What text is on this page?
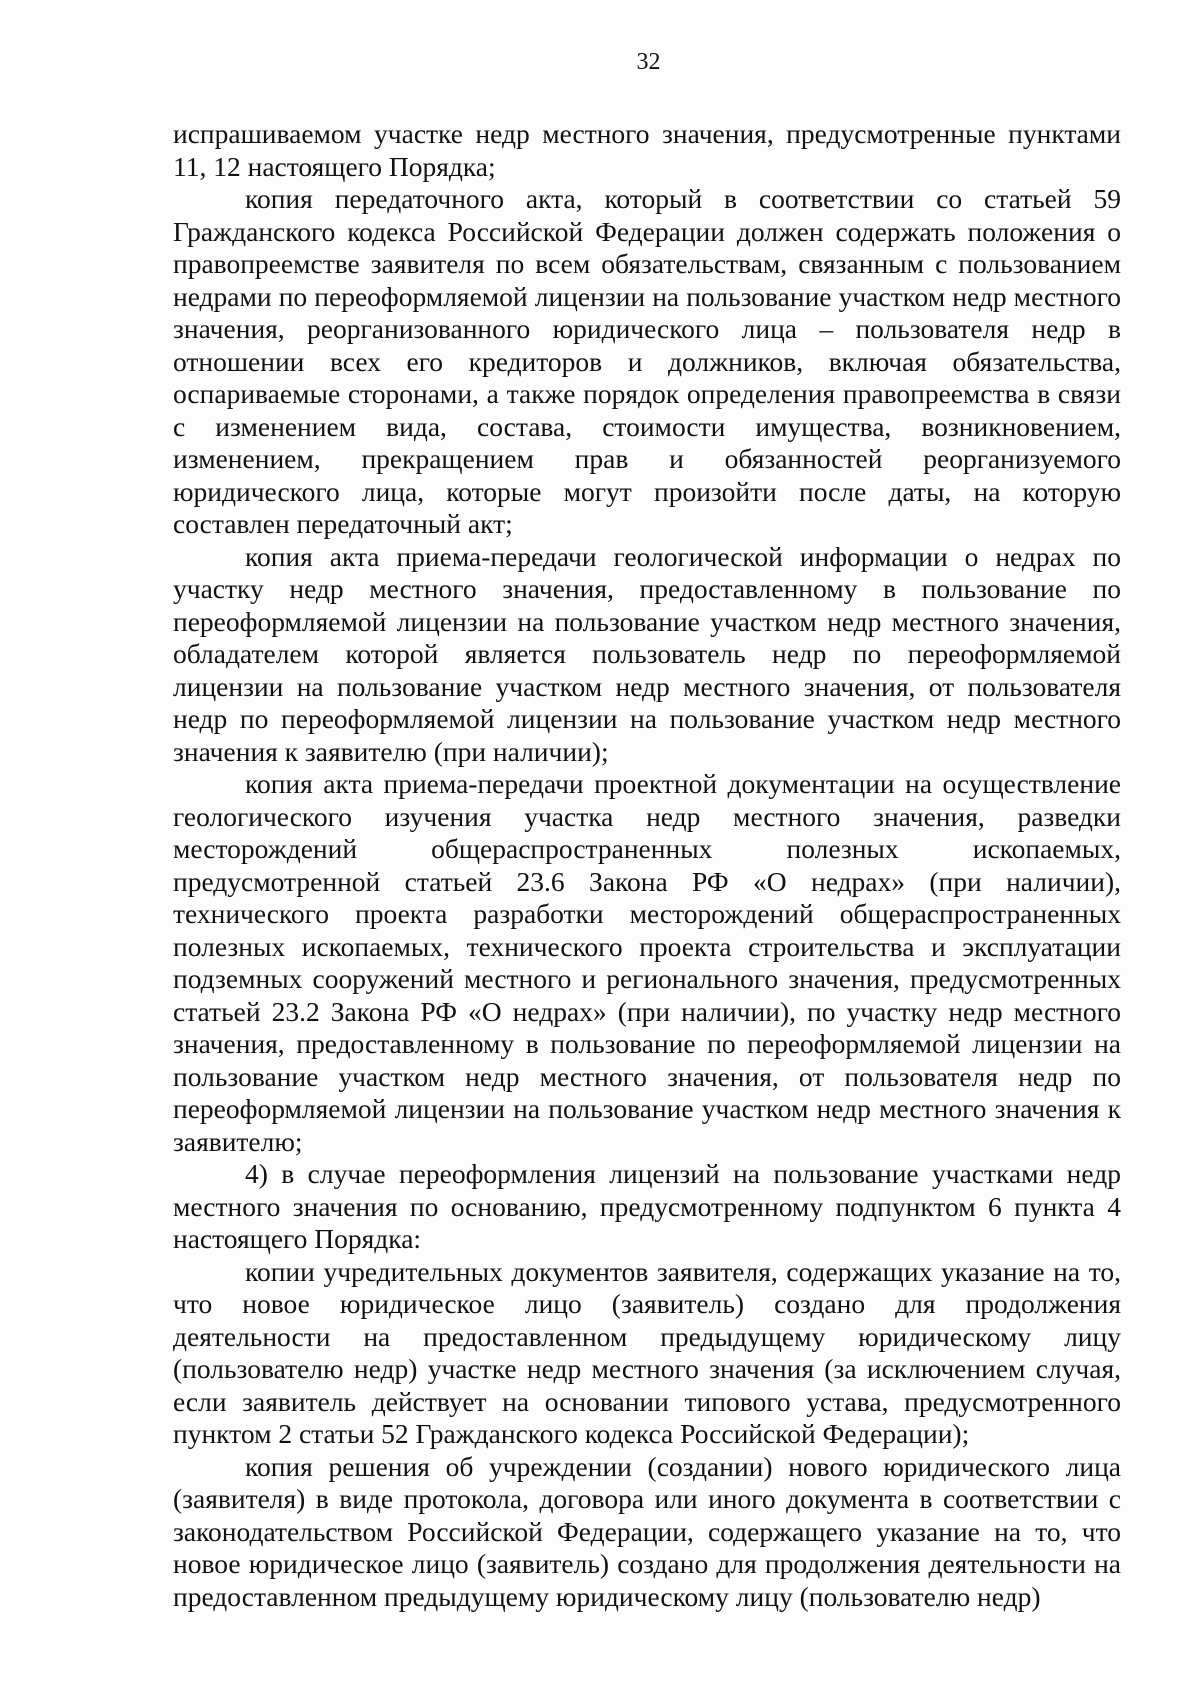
32

испрашиваемом участке недр местного значения, предусмотренные пунктами 11, 12 настоящего Порядка;

копия передаточного акта, который в соответствии со статьей 59 Гражданского кодекса Российской Федерации должен содержать положения о правопреемстве заявителя по всем обязательствам, связанным с пользованием недрами по переоформляемой лицензии на пользование участком недр местного значения, реорганизованного юридического лица – пользователя недр в отношении всех его кредиторов и должников, включая обязательства, оспариваемые сторонами, а также порядок определения правопреемства в связи с изменением вида, состава, стоимости имущества, возникновением, изменением, прекращением прав и обязанностей реорганизуемого юридического лица, которые могут произойти после даты, на которую составлен передаточный акт;

копия акта приема-передачи геологической информации о недрах по участку недр местного значения, предоставленному в пользование по переоформляемой лицензии на пользование участком недр местного значения, обладателем которой является пользователь недр по переоформляемой лицензии на пользование участком недр местного значения, от пользователя недр по переоформляемой лицензии на пользование участком недр местного значения к заявителю (при наличии);

копия акта приема-передачи проектной документации на осуществление геологического изучения участка недр местного значения, разведки месторождений общераспространенных полезных ископаемых, предусмотренной статьей 23.6 Закона РФ «О недрах» (при наличии), технического проекта разработки месторождений общераспространенных полезных ископаемых, технического проекта строительства и эксплуатации подземных сооружений местного и регионального значения, предусмотренных статьей 23.2 Закона РФ «О недрах» (при наличии), по участку недр местного значения, предоставленному в пользование по переоформляемой лицензии на пользование участком недр местного значения, от пользователя недр по переоформляемой лицензии на пользование участком недр местного значения к заявителю;

4) в случае переоформления лицензий на пользование участками недр местного значения по основанию, предусмотренному подпунктом 6 пункта 4 настоящего Порядка:

копии учредительных документов заявителя, содержащих указание на то, что новое юридическое лицо (заявитель) создано для продолжения деятельности на предоставленном предыдущему юридическому лицу (пользователю недр) участке недр местного значения (за исключением случая, если заявитель действует на основании типового устава, предусмотренного пунктом 2 статьи 52 Гражданского кодекса Российской Федерации);

копия решения об учреждении (создании) нового юридического лица (заявителя) в виде протокола, договора или иного документа в соответствии с законодательством Российской Федерации, содержащего указание на то, что новое юридическое лицо (заявитель) создано для продолжения деятельности на предоставленном предыдущему юридическому лицу (пользователю недр)
